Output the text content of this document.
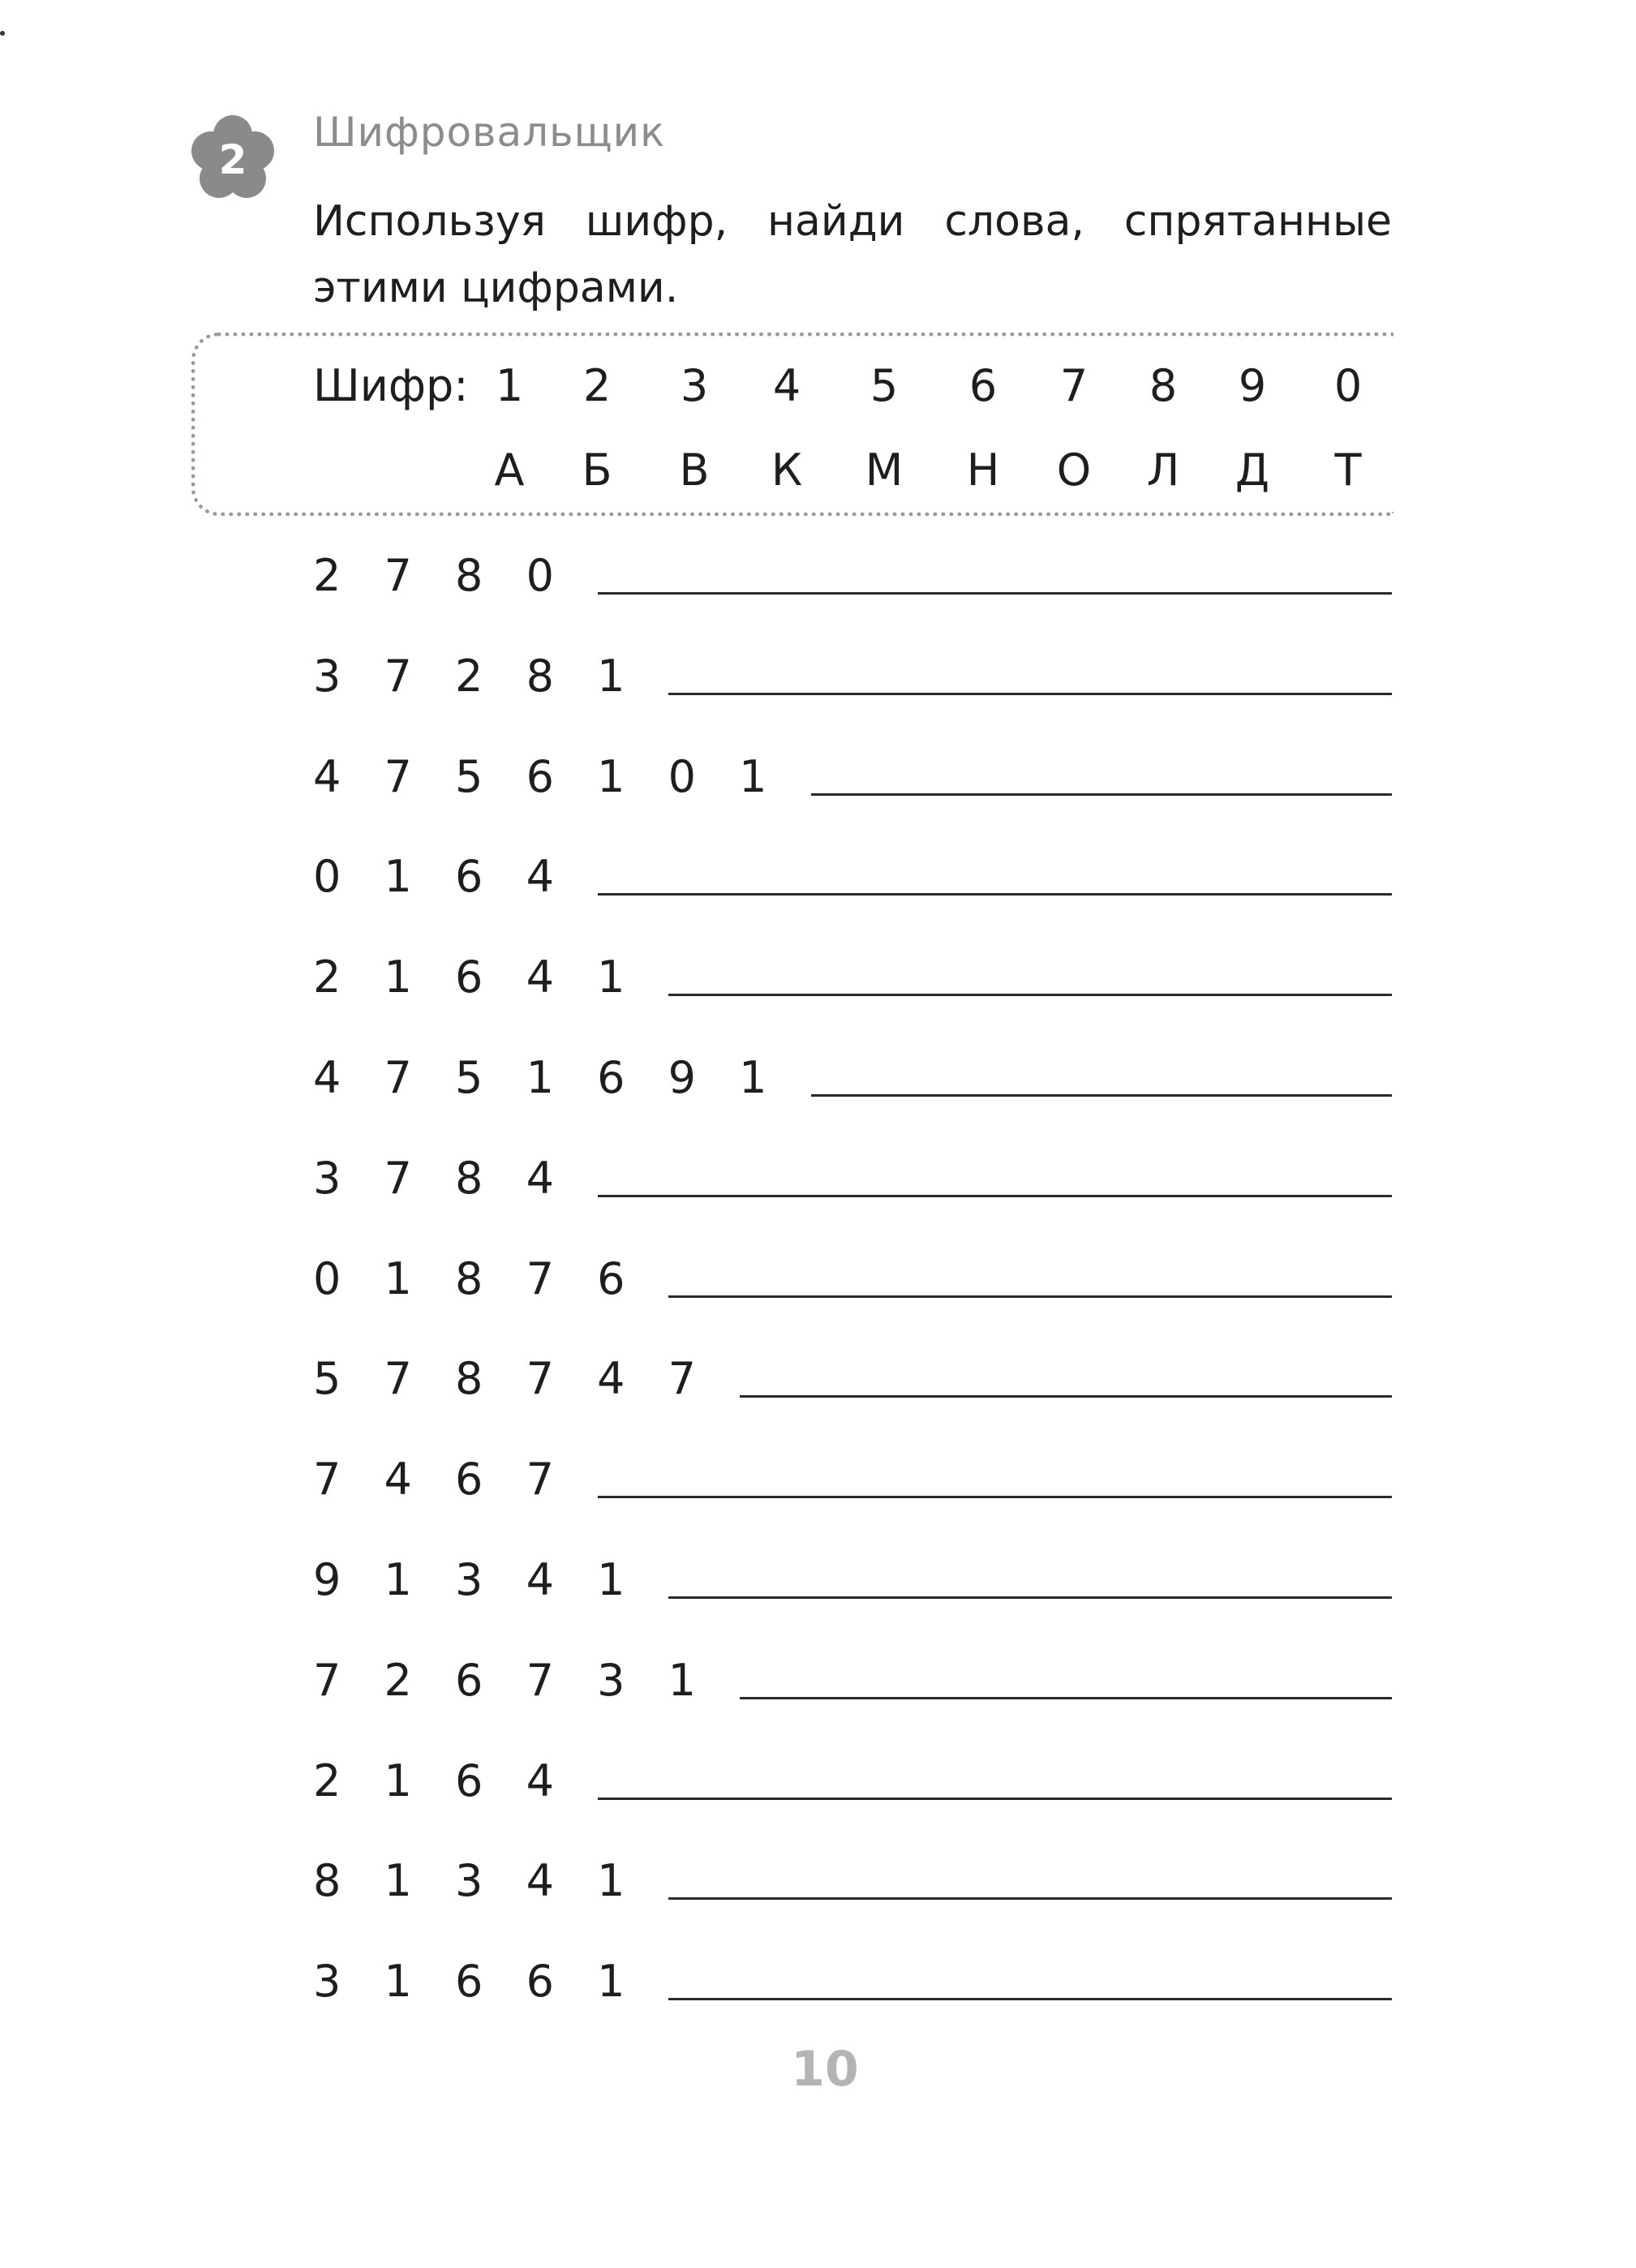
2
Шифровальщик
Используя шифр, найди слова, спрятанные
этими цифрами.
Шифр: 1	2	3	4	5	6	7	8	9	0
А	Б	В	К	М	Н	О	Л	Д	Т
2 7 8 0
3 7 2 8 1
4 7 5 6 1 0 1
0 1 6 4
2 1 6 4 1
4 7 5 1 6 9 1
3 7 8 4
0 1 8 7 6
5 7 8 7 4 7
7 4 6 7
9 1 3 4 1
7 2 6 7 3 1
2 1 6 4
8 1 3 4 1
3 1 6 6 1
10
